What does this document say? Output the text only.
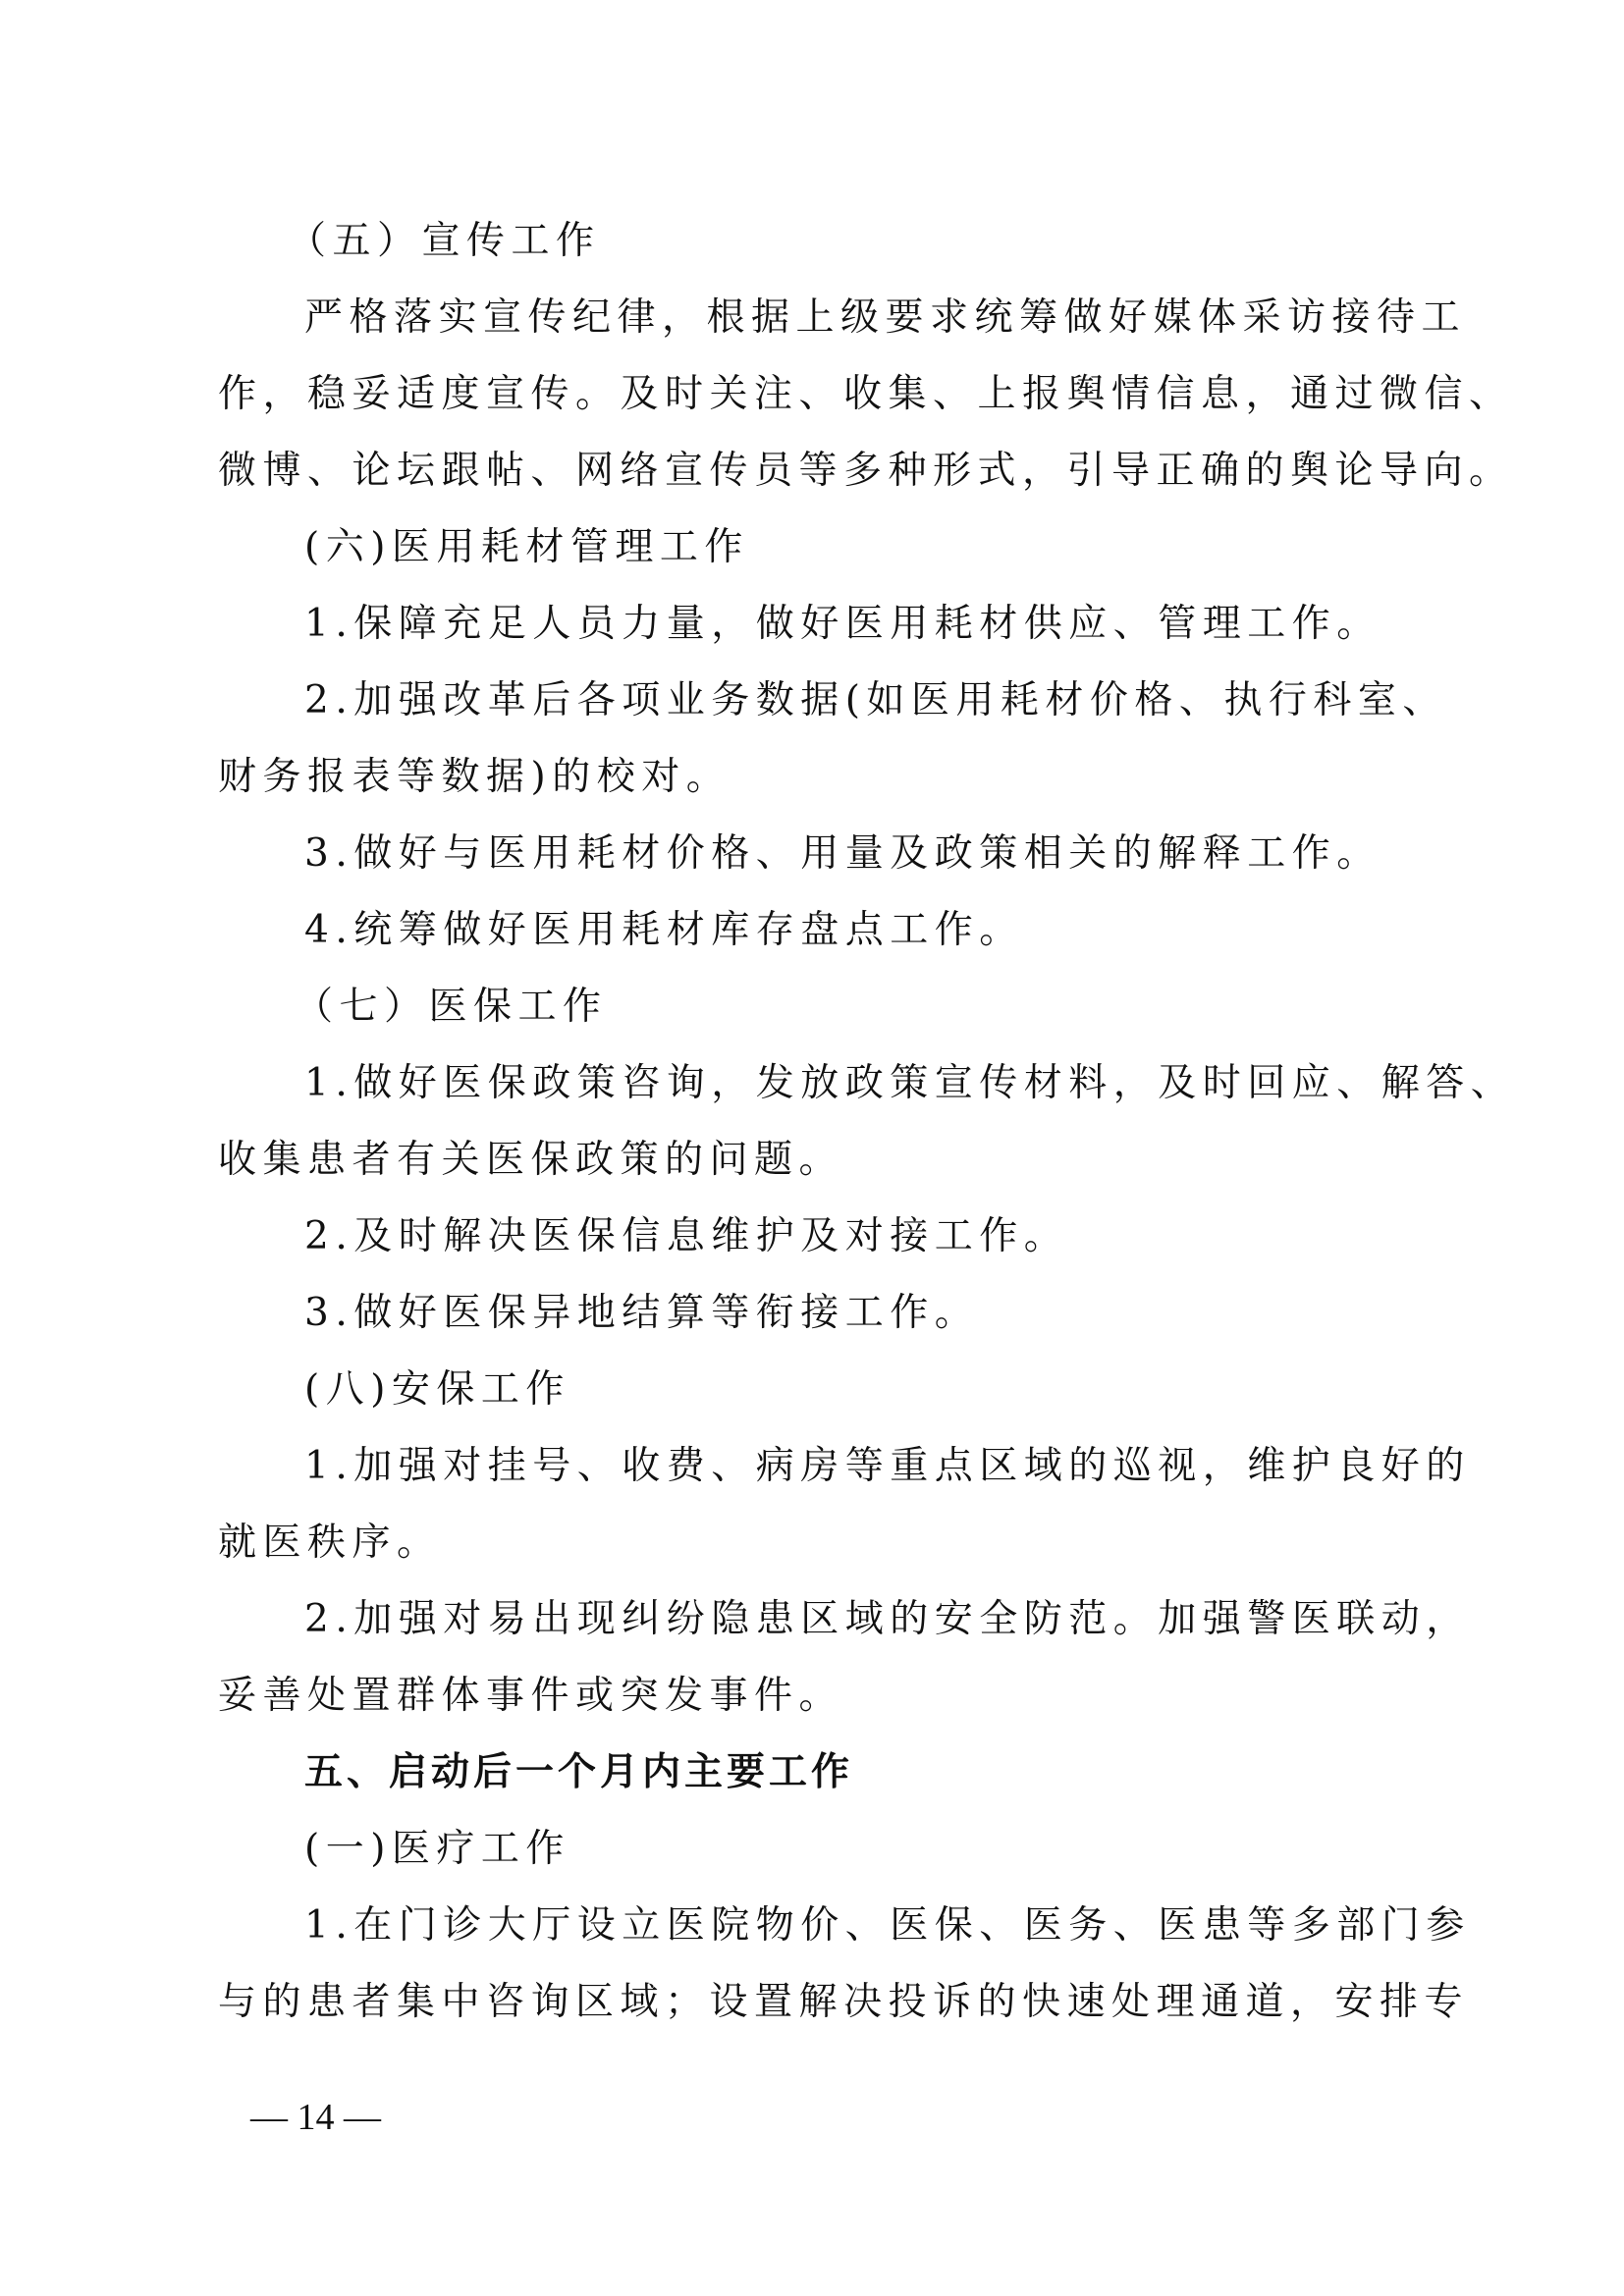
（五）宣传工作
严格落实宣传纪律，根据上级要求统筹做好媒体采访接待工
作，稳妥适度宣传。及时关注、收集、上报舆情信息，通过微信、
微博、论坛跟帖、网络宣传员等多种形式，引导正确的舆论导向。
(六)医用耗材管理工作
1.保障充足人员力量，做好医用耗材供应、管理工作。
2.加强改革后各项业务数据(如医用耗材价格、执行科室、
财务报表等数据)的校对。
3.做好与医用耗材价格、用量及政策相关的解释工作。
4.统筹做好医用耗材库存盘点工作。
（七）医保工作
1.做好医保政策咨询，发放政策宣传材料，及时回应、解答、
收集患者有关医保政策的问题。
2.及时解决医保信息维护及对接工作。
3.做好医保异地结算等衔接工作。
(八)安保工作
1.加强对挂号、收费、病房等重点区域的巡视，维护良好的
就医秩序。
2.加强对易出现纠纷隐患区域的安全防范。加强警医联动，
妥善处置群体事件或突发事件。
五、启动后一个月内主要工作
(一)医疗工作
1.在门诊大厅设立医院物价、医保、医务、医患等多部门参
与的患者集中咨询区域；设置解决投诉的快速处理通道，安排专
— 14 —
